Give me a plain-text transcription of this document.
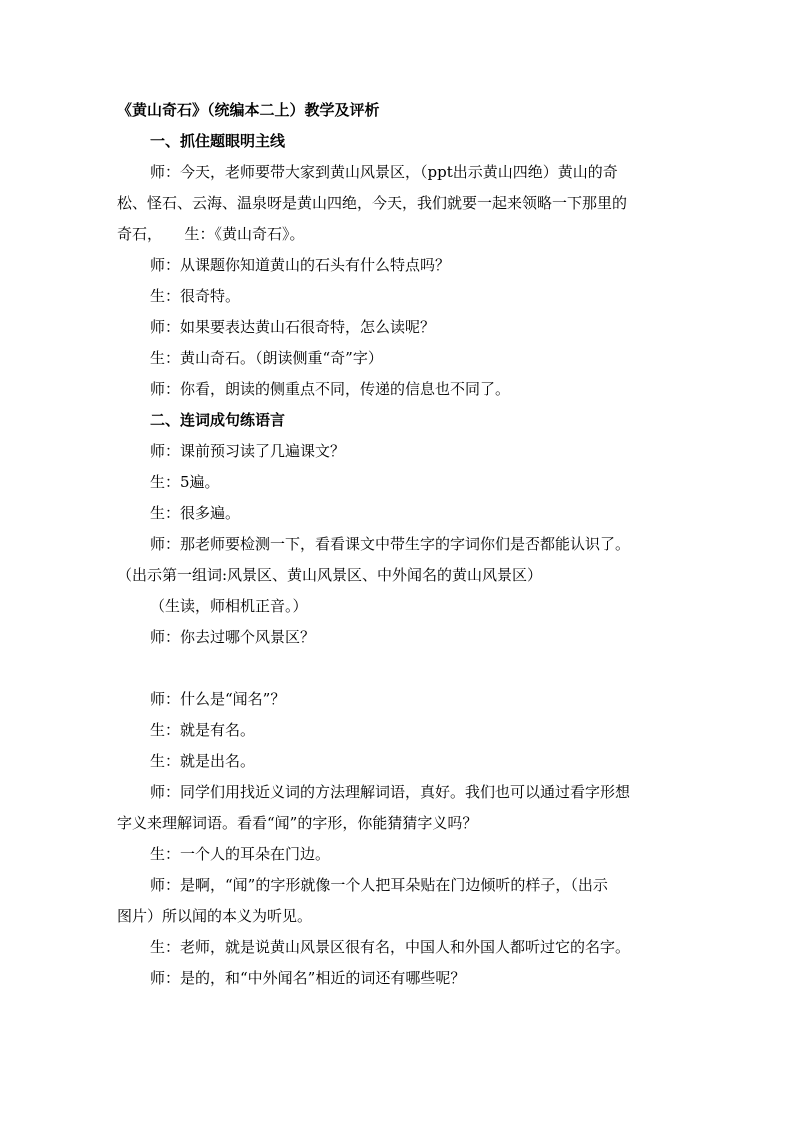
《黄山奇石》（统编本二上）教学及评析
一、抓住题眼明主线
师：今天，老师要带大家到黄山风景区，（ppt出示黄山四绝）黄山的奇
松、怪石、云海、温泉呀是黄山四绝，今天，我们就要一起来领略一下那里的
奇石，　　生：《黄山奇石》。
师：从课题你知道黄山的石头有什么特点吗？
生：很奇特。
师：如果要表达黄山石很奇特，怎么读呢？
生：黄山奇石。（朗读侧重“奇”字）
师：你看，朗读的侧重点不同，传递的信息也不同了。
二、连词成句练语言
师：课前预习读了几遍课文？
生：5遍。
生：很多遍。
师：那老师要检测一下，看看课文中带生字的字词你们是否都能认识了。
（出示第一组词:风景区、黄山风景区、中外闻名的黄山风景区）
（生读，师相机正音。）
师：你去过哪个风景区？
师：什么是“闻名”？
生：就是有名。
生：就是出名。
师：同学们用找近义词的方法理解词语，真好。我们也可以通过看字形想
字义来理解词语。看看“闻”的字形，你能猜猜字义吗？
生：一个人的耳朵在门边。
师：是啊，“闻”的字形就像一个人把耳朵贴在门边倾听的样子，（出示
图片）所以闻的本义为听见。
生：老师，就是说黄山风景区很有名，中国人和外国人都听过它的名字。
师：是的，和“中外闻名”相近的词还有哪些呢？
